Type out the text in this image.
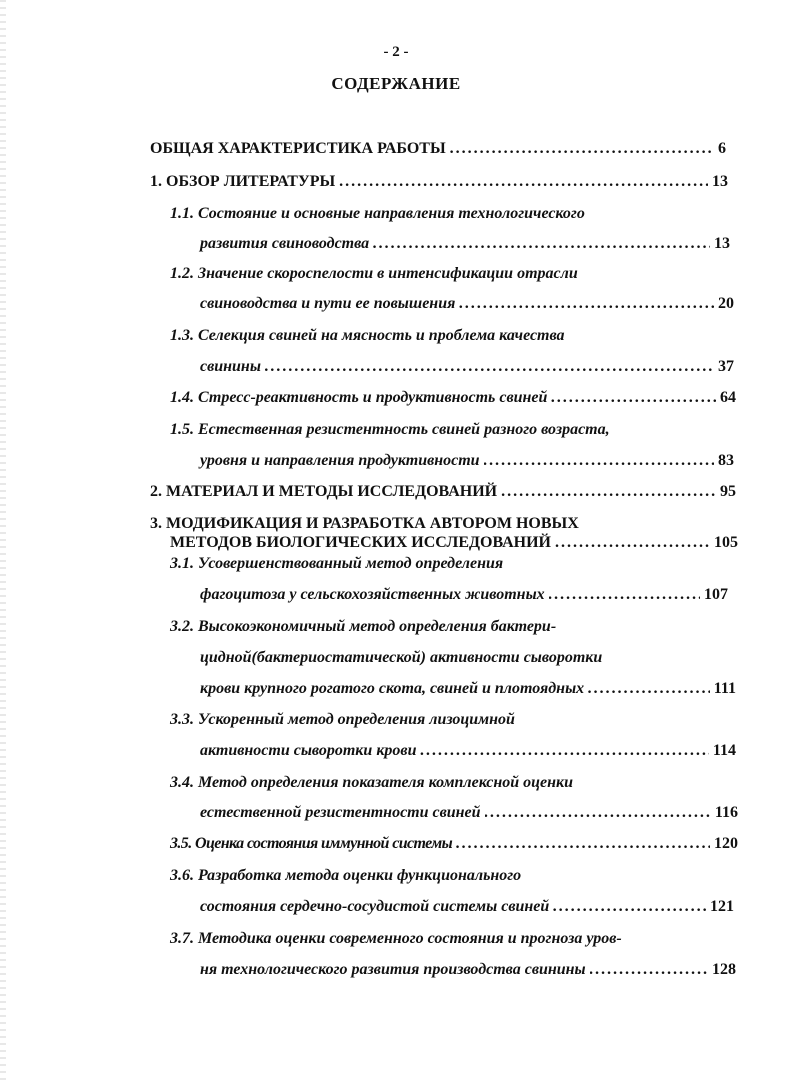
- 2 -
СОДЕРЖАНИЕ
ОБЩАЯ ХАРАКТЕРИСТИКА РАБОТЫ .....	6
1. ОБЗОР ЛИТЕРАТУРЫ .....	13
1.1. Состояние и основные направления технологического
развития свиноводства .....	13
1.2. Значение скороспелости в интенсификации отрасли
свиноводства и пути ее повышения .....	20
1.3. Селекция свиней на мясность и проблема качества
свинины .....	37
1.4. Стресс-реактивность и продуктивность свиней .....	64
1.5. Естественная резистентность свиней разного возраста,
уровня и направления продуктивности .....	83
2. МАТЕРИАЛ И МЕТОДЫ ИССЛЕДОВАНИЙ .....	95
3. МОДИФИКАЦИЯ И РАЗРАБОТКА АВТОРОМ НОВЫХ
МЕТОДОВ БИОЛОГИЧЕСКИХ ИССЛЕДОВАНИЙ .....	105
3.1. Усовершенствованный метод определения
фагоцитоза у сельскохозяйственных животных .....	107
3.2. Высокоэкономичный метод определения бактери-
цидной(бактериостатической) активности сыворотки
крови крупного рогатого скота, свиней и плотоядных .....	111
3.3. Ускоренный метод определения лизоцимной
активности сыворотки крови .....	114
3.4. Метод определения показателя комплексной оценки
естественной резистентности свиней .....	116
3.5. Оценка состояния иммунной системы .....	120
3.6. Разработка метода оценки функционального
состояния сердечно-сосудистой системы свиней .....	121
3.7. Методика оценки современного состояния и прогноза уров-
ня технологического развития производства свинины .....	128
